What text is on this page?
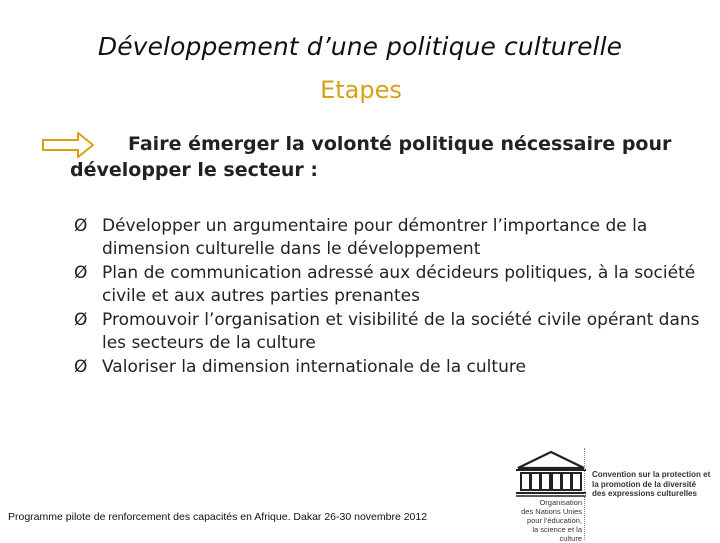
Développement d’une politique culturelle
Etapes
Faire émerger la volonté politique nécessaire pour développer le secteur :
Ø Développer un argumentaire pour démontrer l’importance de la dimension culturelle dans le développement
Ø Plan de communication adressé aux décideurs politiques, à la société civile et aux autres parties prenantes
Ø Promouvoir l’organisation et visibilité de la société civile opérant dans les secteurs de la culture
Ø Valoriser la dimension internationale de la culture
Programme pilote de renforcement des capacités en Afrique. Dakar 26-30 novembre 2012
Organisation
des Nations Unies
pour l’éducation,
la science et la culture
Convention sur la protection et
la promotion de la diversité
des expressions culturelles
